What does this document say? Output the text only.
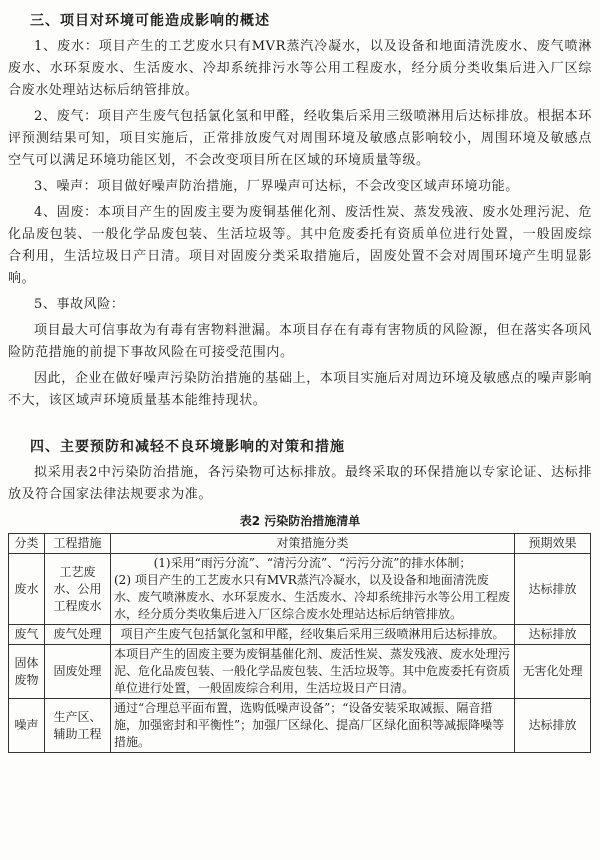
三、项目对环境可能造成影响的概述

1、废水：项目产生的工艺废水只有MVR蒸汽冷凝水，以及设备和地面清洗废水、废气喷淋废水、水环泵废水、生活废水、冷却系统排污水等公用工程废水，经分质分类收集后进入厂区综合废水处理站达标后纳管排放。

2、废气：项目产生废气包括氯化氢和甲醛，经收集后采用三级喷淋用后达标排放。根据本环评预测结果可知，项目实施后，正常排放废气对周围环境及敏感点影响较小，周围环境及敏感点空气可以满足环境功能区划，不会改变项目所在区域的环境质量等级。

3、噪声：项目做好噪声防治措施，厂界噪声可达标，不会改变区域声环境功能。

4、固废：本项目产生的固废主要为废铜基催化剂、废活性炭、蒸发残液、废水处理污泥、危化品废包装、一般化学品废包装、生活垃圾等。其中危废委托有资质单位进行处置，一般固废综合利用，生活垃圾日产日清。项目对固废分类采取措施后，固废处置不会对周围环境产生明显影响。

5、事故风险：

项目最大可信事故为有毒有害物料泄漏。本项目存在有毒有害物质的风险源，但在落实各项风险防范措施的前提下事故风险在可接受范围内。

因此，企业在做好噪声污染防治措施的基础上，本项目实施后对周边环境及敏感点的噪声影响不大，该区域声环境质量基本能维持现状。

四、主要预防和减轻不良环境影响的对策和措施

拟采用表2中污染防治措施，各污染物可达标排放。最终采取的环保措施以专家论证、达标排放及符合国家法律法规要求为准。

表2 污染防治措施清单
分类	工程措施	对策措施分类	预期效果
废水	工艺废水、公用工程废水	(1)采用“雨污分流”、“清污分流”、“污污分流”的排水体制；
(2) 项目产生的工艺废水只有MVR蒸汽冷凝水，以及设备和地面清洗废水、废气喷淋废水、水环泵废水、生活废水、冷却系统排污水等公用工程废水，经分质分类收集后进入厂区综合废水处理站达标后纳管排放。	达标排放
废气	废气处理	项目产生废气包括氯化氢和甲醛，经收集后采用三级喷淋用后达标排放。	达标排放
固体废物	固废处理	本项目产生的固废主要为废铜基催化剂、废活性炭、蒸发残液、废水处理污泥、危化品废包装、一般化学品废包装、生活垃圾等。其中危废委托有资质单位进行处置，一般固废综合利用，生活垃圾日产日清。	无害化处理
噪声	生产区、辅助工程	通过“合理总平面布置，选购低噪声设备”；“设备安装采取减振、隔音措施，加强密封和平衡性”；加强厂区绿化、提高厂区绿化面积等减振降噪等措施。	达标排放
